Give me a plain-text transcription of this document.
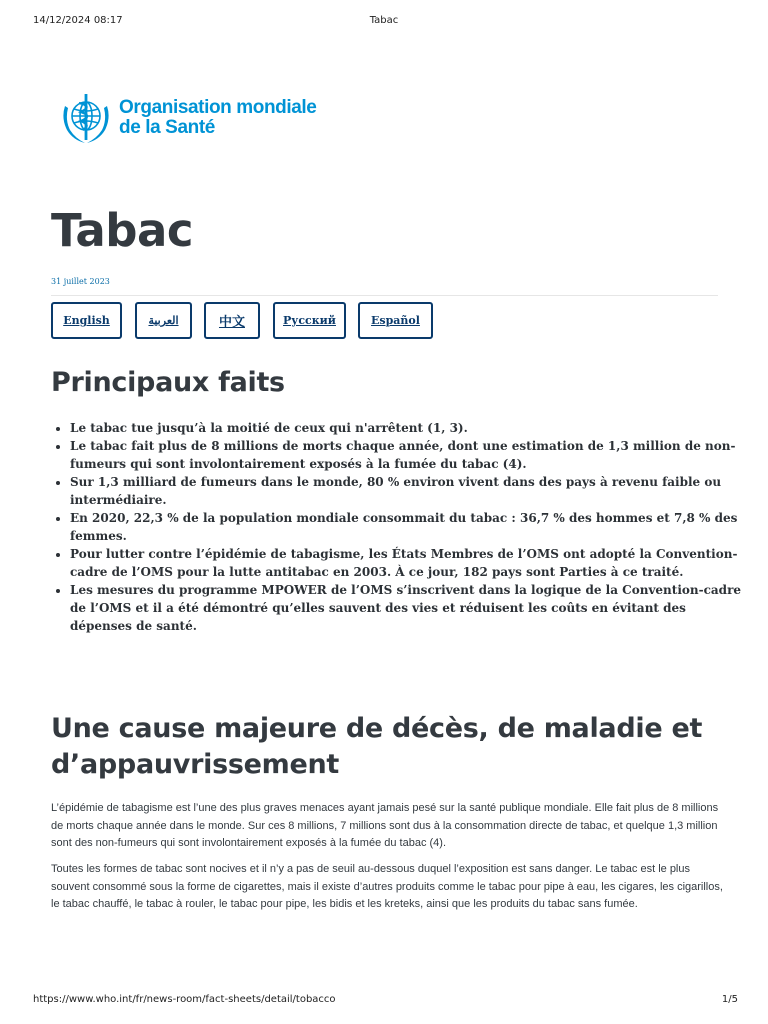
14/12/2024 08:17	Tabac
Organisation mondiale de la Santé
Tabac
31 juillet 2023
English	العربية	中文	Русский	Español
Principaux faits
• Le tabac tue jusqu’à la moitié de ceux qui n'arrêtent (1, 3).
• Le tabac fait plus de 8 millions de morts chaque année, dont une estimation de 1,3 million de non-fumeurs qui sont involontairement exposés à la fumée du tabac (4).
• Sur 1,3 milliard de fumeurs dans le monde, 80 % environ vivent dans des pays à revenu faible ou intermédiaire.
• En 2020, 22,3 % de la population mondiale consommait du tabac : 36,7 % des hommes et 7,8 % des femmes.
• Pour lutter contre l’épidémie de tabagisme, les États Membres de l’OMS ont adopté la Convention-cadre de l’OMS pour la lutte antitabac en 2003. À ce jour, 182 pays sont Parties à ce traité.
• Les mesures du programme MPOWER de l’OMS s’inscrivent dans la logique de la Convention-cadre de l’OMS et il a été démontré qu’elles sauvent des vies et réduisent les coûts en évitant des dépenses de santé.
Une cause majeure de décès, de maladie et d’appauvrissement

L’épidémie de tabagisme est l’une des plus graves menaces ayant jamais pesé sur la santé publique mondiale. Elle fait plus de 8 millions de morts chaque année dans le monde. Sur ces 8 millions, 7 millions sont dus à la consommation directe de tabac, et quelque 1,3 million sont des non-fumeurs qui sont involontairement exposés à la fumée du tabac (4).

Toutes les formes de tabac sont nocives et il n’y a pas de seuil au-dessous duquel l’exposition est sans danger. Le tabac est le plus souvent consommé sous la forme de cigarettes, mais il existe d’autres produits comme le tabac pour pipe à eau, les cigares, les cigarillos, le tabac chauffé, le tabac à rouler, le tabac pour pipe, les bidis et les kreteks, ainsi que les produits du tabac sans fumée.

https://www.who.int/fr/news-room/fact-sheets/detail/tobacco	1/5
